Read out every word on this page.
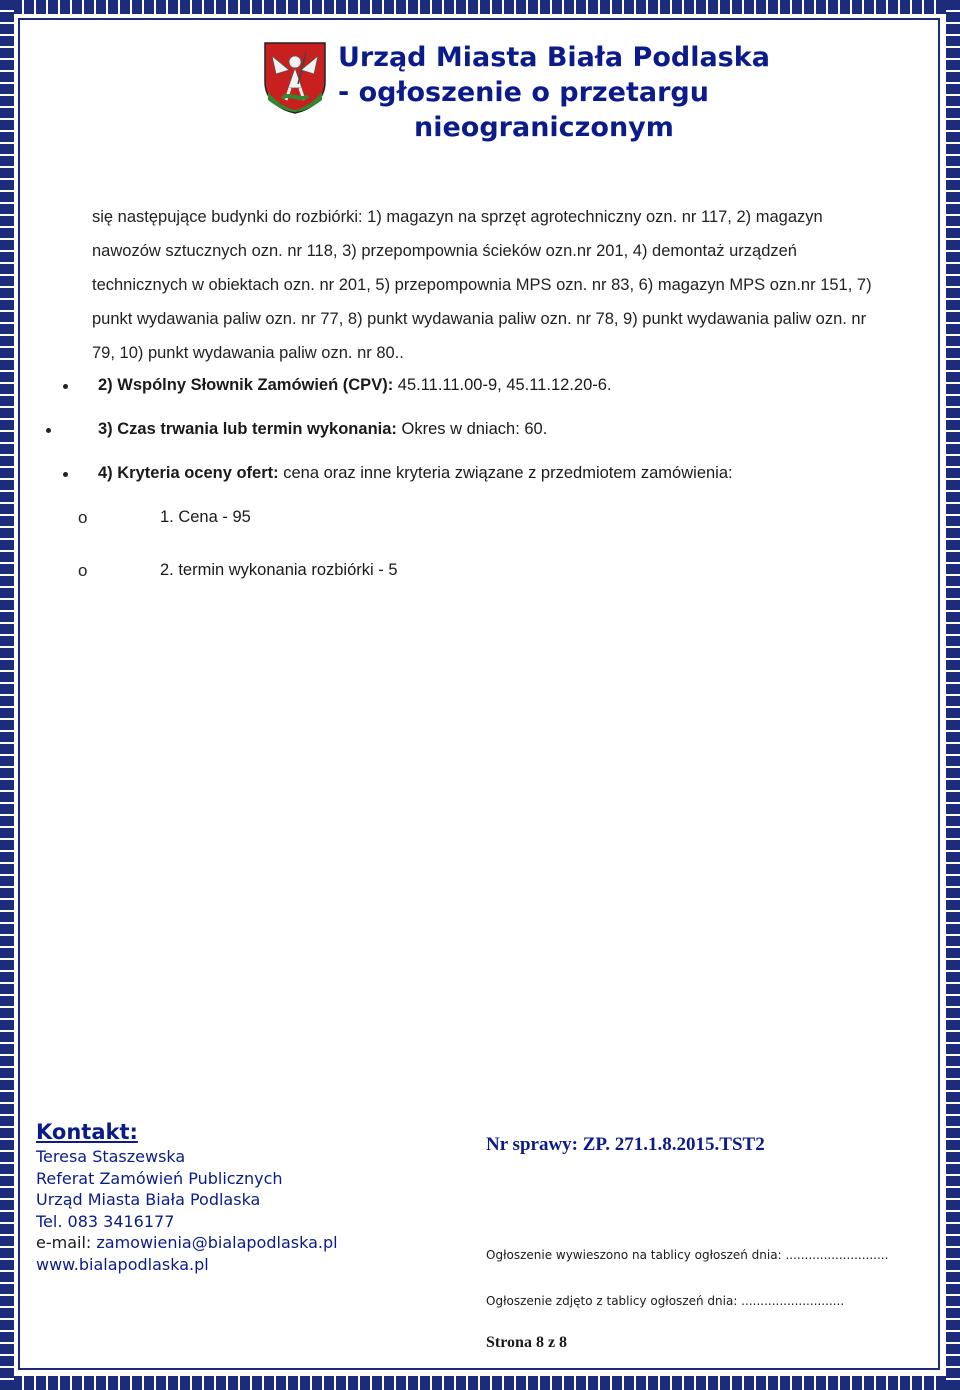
Urząd Miasta Biała Podlaska
- ogłoszenie o przetargu
nieograniczonym
się następujące budynki do rozbiórki: 1) magazyn na sprzęt agrotechniczny ozn. nr 117, 2) magazyn
nawozów sztucznych ozn. nr 118, 3) przepompownia ścieków ozn.nr 201, 4) demontaż urządzeń
technicznych w obiektach ozn. nr 201, 5) przepompownia MPS ozn. nr 83, 6) magazyn MPS ozn.nr 151, 7)
punkt wydawania paliw ozn. nr 77, 8) punkt wydawania paliw ozn. nr 78, 9) punkt wydawania paliw ozn. nr
79, 10) punkt wydawania paliw ozn. nr 80..
2) Wspólny Słownik Zamówień (CPV): 45.11.11.00-9, 45.11.12.20-6.
3) Czas trwania lub termin wykonania: Okres w dniach: 60.
4) Kryteria oceny ofert: cena oraz inne kryteria związane z przedmiotem zamówienia:
o	1. Cena - 95
o	2. termin wykonania rozbiórki - 5
Kontakt:
Teresa Staszewska
Referat Zamówień Publicznych
Urząd Miasta Biała Podlaska
Tel. 083 3416177
e-mail: zamowienia@bialapodlaska.pl
www.bialapodlaska.pl
Nr sprawy: ZP. 271.1.8.2015.TST2
Ogłoszenie wywieszono na tablicy ogłoszeń dnia: ...........................
Ogłoszenie zdjęto z tablicy ogłoszeń dnia: ...........................
Strona 8 z 8
